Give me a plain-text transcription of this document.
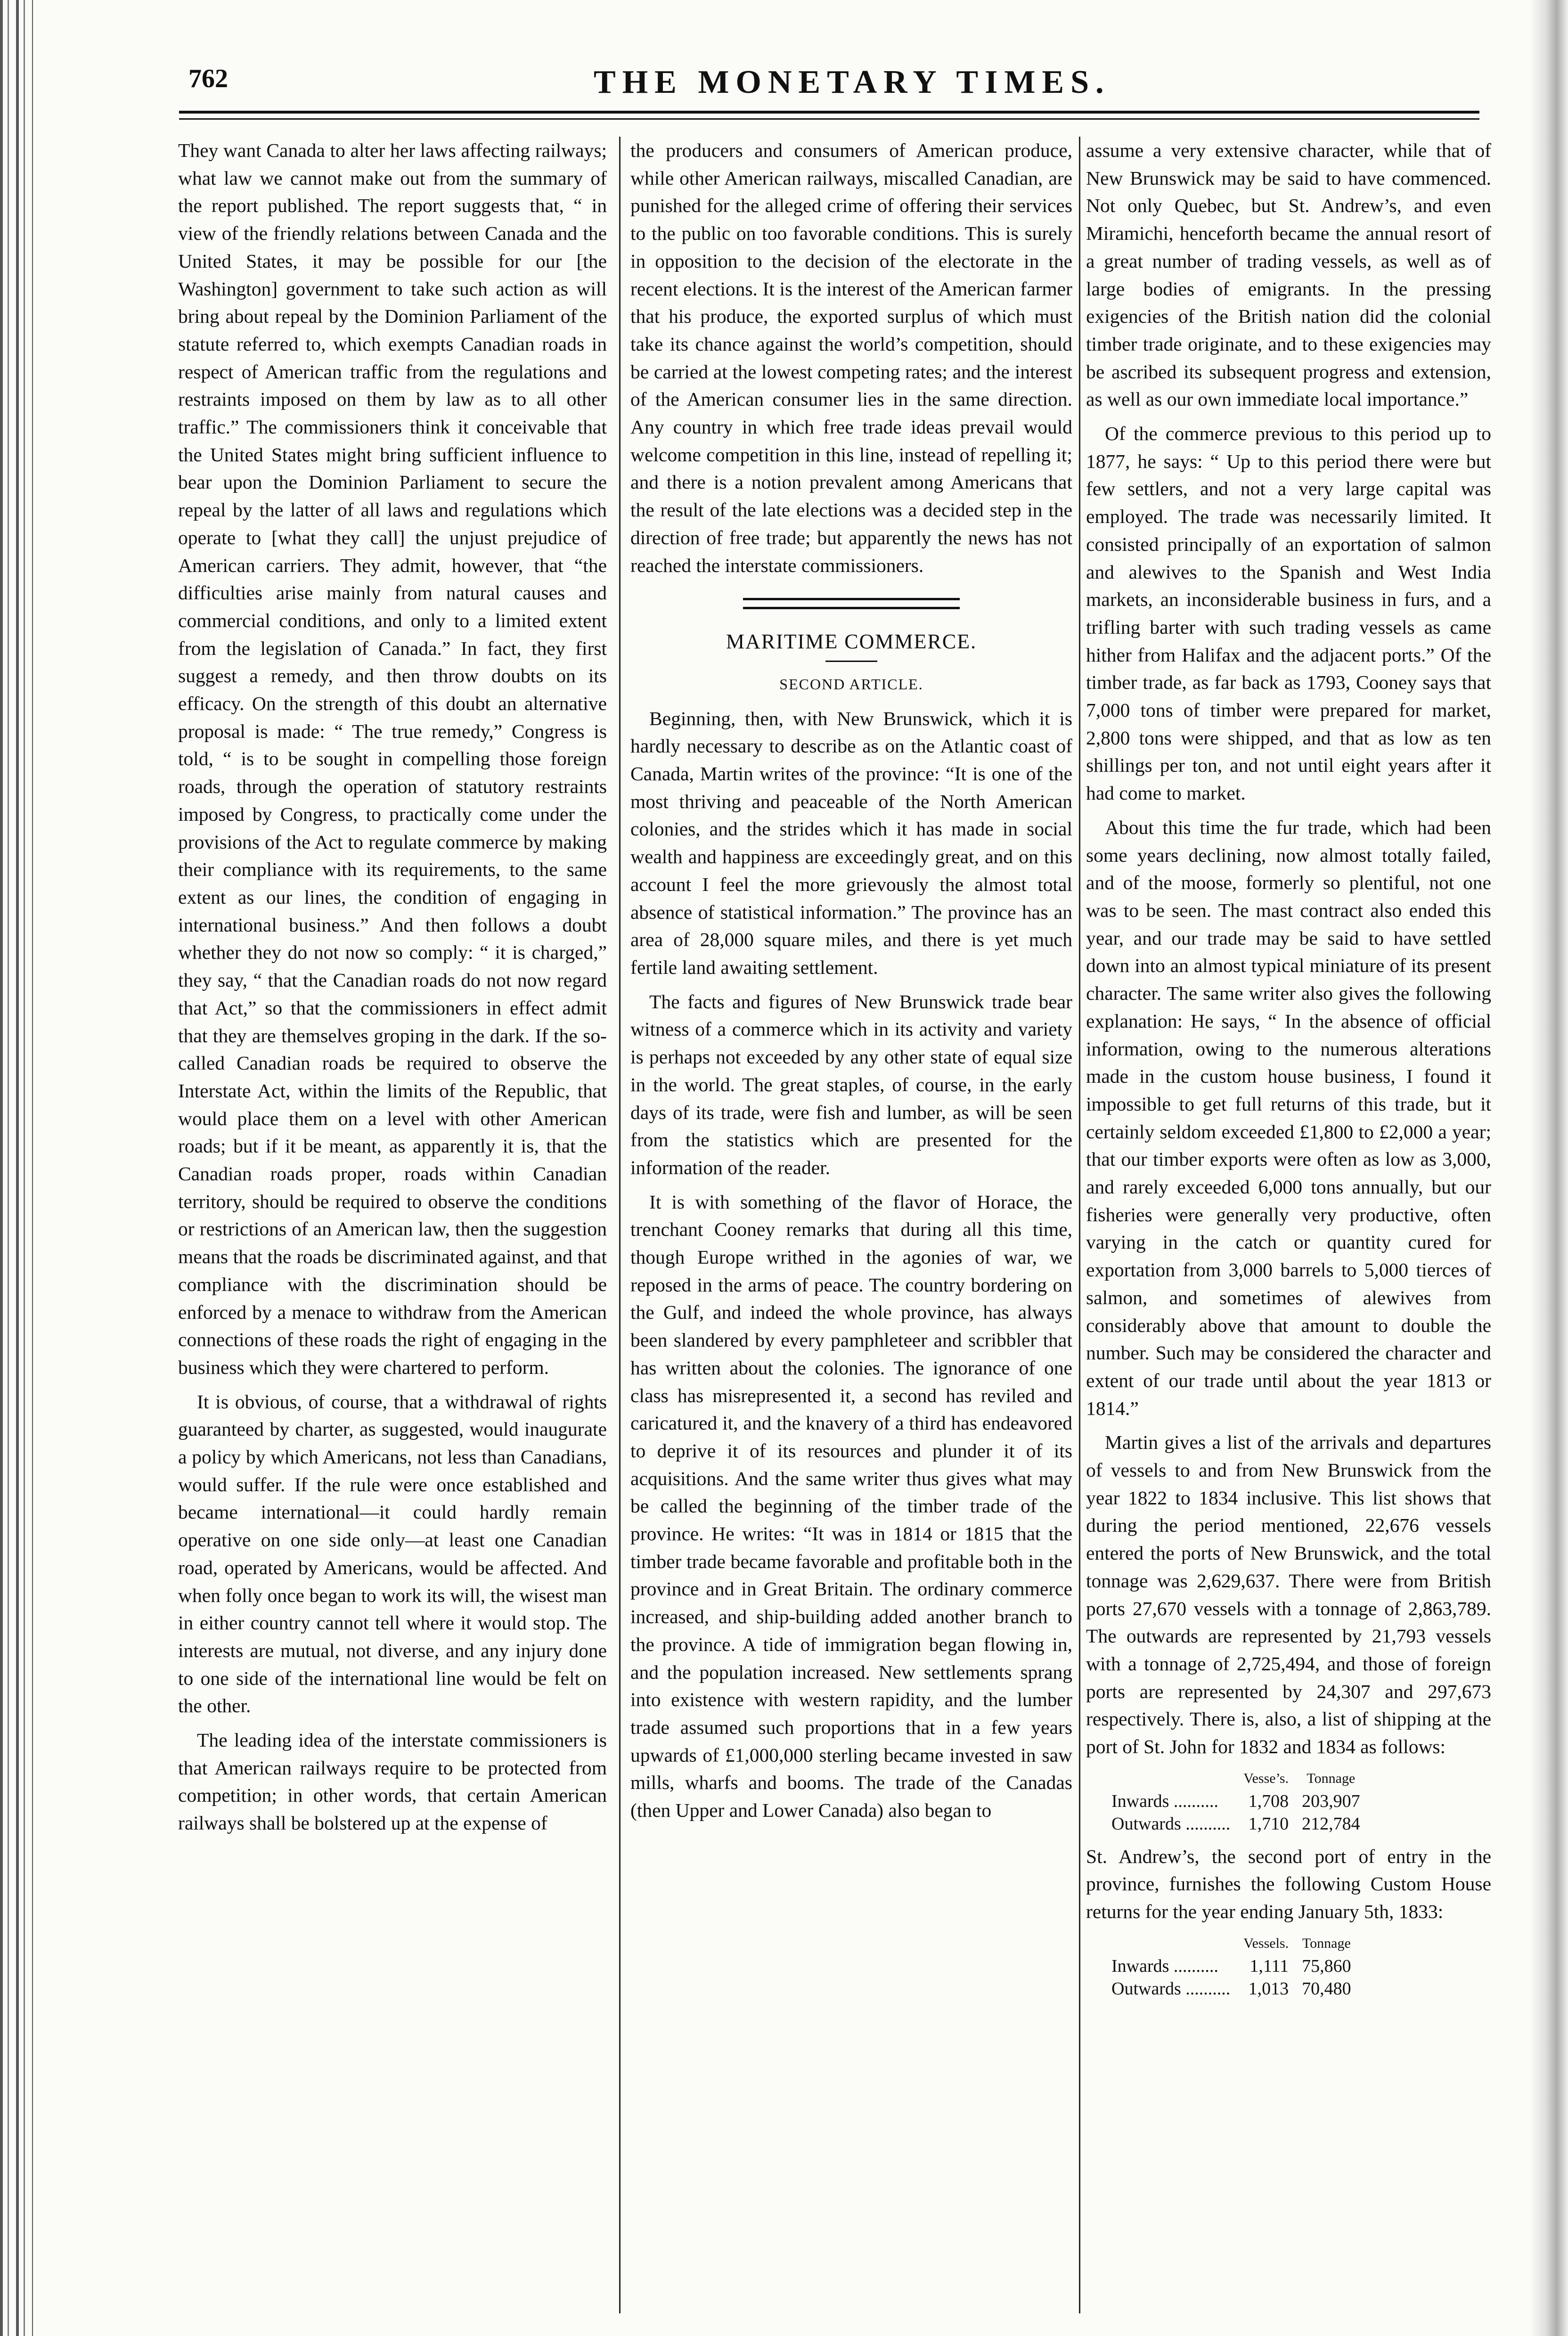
762	THE MONETARY TIMES.

They want Canada to alter her laws affecting railways; what law we cannot make out from the summary of the report published. The report suggests that, “ in view of the friendly relations between Canada and the United States, it may be possible for our [the Washington] government to take such action as will bring about repeal by the Dominion Parliament of the statute referred to, which exempts Canadian roads in respect of American traffic from the regulations and restraints imposed on them by law as to all other traffic.” The commissioners think it conceivable that the United States might bring sufficient influence to bear upon the Dominion Parliament to secure the repeal by the latter of all laws and regulations which operate to [what they call] the unjust prejudice of American carriers. They admit, however, that “the difficulties arise mainly from natural causes and commercial conditions, and only to a limited extent from the legislation of Canada.” In fact, they first suggest a remedy, and then throw doubts on its efficacy. On the strength of this doubt an alternative proposal is made: “ The true remedy,” Congress is told, “ is to be sought in compelling those foreign roads, through the operation of statutory restraints imposed by Congress, to practically come under the provisions of the Act to regulate commerce by making their compliance with its requirements, to the same extent as our lines, the condition of engaging in international business.” And then follows a doubt whether they do not now so comply: “ it is charged,” they say, “ that the Canadian roads do not now regard that Act,” so that the commissioners in effect admit that they are themselves groping in the dark. If the so-called Canadian roads be required to observe the Interstate Act, within the limits of the Republic, that would place them on a level with other American roads; but if it be meant, as apparently it is, that the Canadian roads proper, roads within Canadian territory, should be required to observe the conditions or restrictions of an American law, then the suggestion means that the roads be discriminated against, and that compliance with the discrimination should be enforced by a menace to withdraw from the American connections of these roads the right of engaging in the business which they were chartered to perform.

It is obvious, of course, that a withdrawal of rights guaranteed by charter, as suggested, would inaugurate a policy by which Americans, not less than Canadians, would suffer. If the rule were once established and became international—it could hardly remain operative on one side only—at least one Canadian road, operated by Americans, would be affected. And when folly once began to work its will, the wisest man in either country cannot tell where it would stop. The interests are mutual, not diverse, and any injury done to one side of the international line would be felt on the other.

The leading idea of the interstate commissioners is that American railways require to be protected from competition; in other words, that certain American railways shall be bolstered up at the expense of

the producers and consumers of American produce, while other American railways, miscalled Canadian, are punished for the alleged crime of offering their services to the public on too favorable conditions. This is surely in opposition to the decision of the electorate in the recent elections. It is the interest of the American farmer that his produce, the exported surplus of which must take its chance against the world’s competition, should be carried at the lowest competing rates; and the interest of the American consumer lies in the same direction. Any country in which free trade ideas prevail would welcome competition in this line, instead of repelling it; and there is a notion prevalent among Americans that the result of the late elections was a decided step in the direction of free trade; but apparently the news has not reached the interstate commissioners.

MARITIME COMMERCE.
SECOND ARTICLE.

Beginning, then, with New Brunswick, which it is hardly necessary to describe as on the Atlantic coast of Canada, Martin writes of the province: “It is one of the most thriving and peaceable of the North American colonies, and the strides which it has made in social wealth and happiness are exceedingly great, and on this account I feel the more grievously the almost total absence of statistical information.” The province has an area of 28,000 square miles, and there is yet much fertile land awaiting settlement.

The facts and figures of New Brunswick trade bear witness of a commerce which in its activity and variety is perhaps not exceeded by any other state of equal size in the world. The great staples, of course, in the early days of its trade, were fish and lumber, as will be seen from the statistics which are presented for the information of the reader.

It is with something of the flavor of Horace, the trenchant Cooney remarks that during all this time, though Europe writhed in the agonies of war, we reposed in the arms of peace. The country bordering on the Gulf, and indeed the whole province, has always been slandered by every pamphleteer and scribbler that has written about the colonies. The ignorance of one class has misrepresented it, a second has reviled and caricatured it, and the knavery of a third has endeavored to deprive it of its resources and plunder it of its acquisitions. And the same writer thus gives what may be called the beginning of the timber trade of the province. He writes: “It was in 1814 or 1815 that the timber trade became favorable and profitable both in the province and in Great Britain. The ordinary commerce increased, and ship-building added another branch to the province. A tide of immigration began flowing in, and the population increased. New settlements sprang into existence with western rapidity, and the lumber trade assumed such proportions that in a few years upwards of £1,000,000 sterling became invested in saw mills, wharfs and booms. The trade of the Canadas (then Upper and Lower Canada) also began to

assume a very extensive character, while that of New Brunswick may be said to have commenced. Not only Quebec, but St. Andrew’s, and even Miramichi, henceforth became the annual resort of a great number of trading vessels, as well as of large bodies of emigrants. In the pressing exigencies of the British nation did the colonial timber trade originate, and to these exigencies may be ascribed its subsequent progress and extension, as well as our own immediate local importance.”

Of the commerce previous to this period up to 1877, he says: “ Up to this period there were but few settlers, and not a very large capital was employed. The trade was necessarily limited. It consisted principally of an exportation of salmon and alewives to the Spanish and West India markets, an inconsiderable business in furs, and a trifling barter with such trading vessels as came hither from Halifax and the adjacent ports.” Of the timber trade, as far back as 1793, Cooney says that 7,000 tons of timber were prepared for market, 2,800 tons were shipped, and that as low as ten shillings per ton, and not until eight years after it had come to market.

About this time the fur trade, which had been some years declining, now almost totally failed, and of the moose, formerly so plentiful, not one was to be seen. The mast contract also ended this year, and our trade may be said to have settled down into an almost typical miniature of its present character. The same writer also gives the following explanation: He says, “ In the absence of official information, owing to the numerous alterations made in the custom house business, I found it impossible to get full returns of this trade, but it certainly seldom exceeded £1,800 to £2,000 a year; that our timber exports were often as low as 3,000, and rarely exceeded 6,000 tons annually, but our fisheries were generally very productive, often varying in the catch or quantity cured for exportation from 3,000 barrels to 5,000 tierces of salmon, and sometimes of alewives from considerably above that amount to double the number. Such may be considered the character and extent of our trade until about the year 1813 or 1814.”

Martin gives a list of the arrivals and departures of vessels to and from New Brunswick from the year 1822 to 1834 inclusive. This list shows that during the period mentioned, 22,676 vessels entered the ports of New Brunswick, and the total tonnage was 2,629,637. There were from British ports 27,670 vessels with a tonnage of 2,863,789. The outwards are represented by 21,793 vessels with a tonnage of 2,725,494, and those of foreign ports are represented by 24,307 and 297,673 respectively. There is, also, a list of shipping at the port of St. John for 1832 and 1834 as follows:

	Vesse’s.	Tonnage
Inwards ..........	1,708	203,907
Outwards ..........	1,710	212,784

St. Andrew’s, the second port of entry in the province, furnishes the following Custom House returns for the year ending January 5th, 1833:

	Vessels.	Tonnage
Inwards ..........	1,111	75,860
Outwards ..........	1,013	70,480
